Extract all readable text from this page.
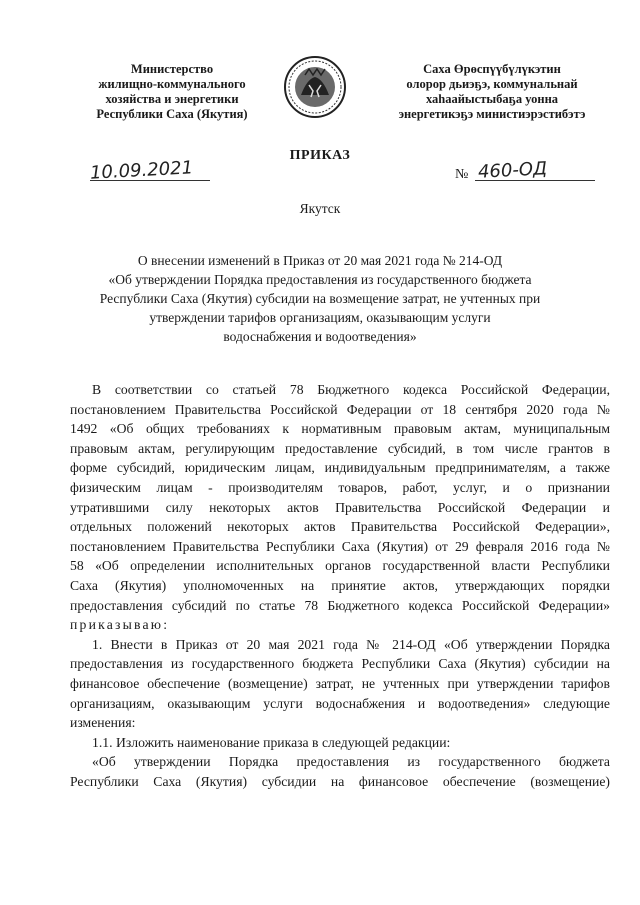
Министерство
жилищно-коммунального
хозяйства и энергетики
Республики Саха (Якутия)
Саха Өрөспүүбүлүкэтин
олорор дьиэҕэ, коммунальнай
хаһаайыстыбаҕа уонна
энергетикэҕэ министиэрэстибэтэ
ПРИКАЗ
10.09.2021	№ 460-ОД
Якутск
О внесении изменений в Приказ от 20 мая 2021 года № 214-ОД
«Об утверждении Порядка предоставления из государственного бюджета
Республики Саха (Якутия) субсидии на возмещение затрат, не учтенных при
утверждении тарифов организациям, оказывающим услуги
водоснабжения и водоотведения»
В соответствии со статьей 78 Бюджетного кодекса Российской Федерации,
постановлением Правительства Российской Федерации от 18 сентября 2020 года №
1492 «Об общих требованиях к нормативным правовым актам, муниципальным
правовым актам, регулирующим предоставление субсидий, в том числе грантов в
форме субсидий, юридическим лицам, индивидуальным предпринимателям, а также
физическим лицам - производителям товаров, работ, услуг, и о признании
утратившими силу некоторых актов Правительства Российской Федерации и
отдельных положений некоторых актов Правительства Российской Федерации»,
постановлением Правительства Республики Саха (Якутия) от 29 февраля 2016 года №
58 «Об определении исполнительных органов государственной власти Республики
Саха (Якутия) уполномоченных на принятие актов, утверждающих порядки
предоставления субсидий по статье 78 Бюджетного кодекса Российской Федерации»
приказываю:
1. Внести в Приказ от 20 мая 2021 года № 214-ОД «Об утверждении Порядка
предоставления из государственного бюджета Республики Саха (Якутия) субсидии на
финансовое обеспечение (возмещение) затрат, не учтенных при утверждении тарифов
организациям, оказывающим услуги водоснабжения и водоотведения» следующие
изменения:
1.1. Изложить наименование приказа в следующей редакции:
«Об утверждении Порядка предоставления из государственного бюджета
Республики Саха (Якутия) субсидии на финансовое обеспечение (возмещение)
